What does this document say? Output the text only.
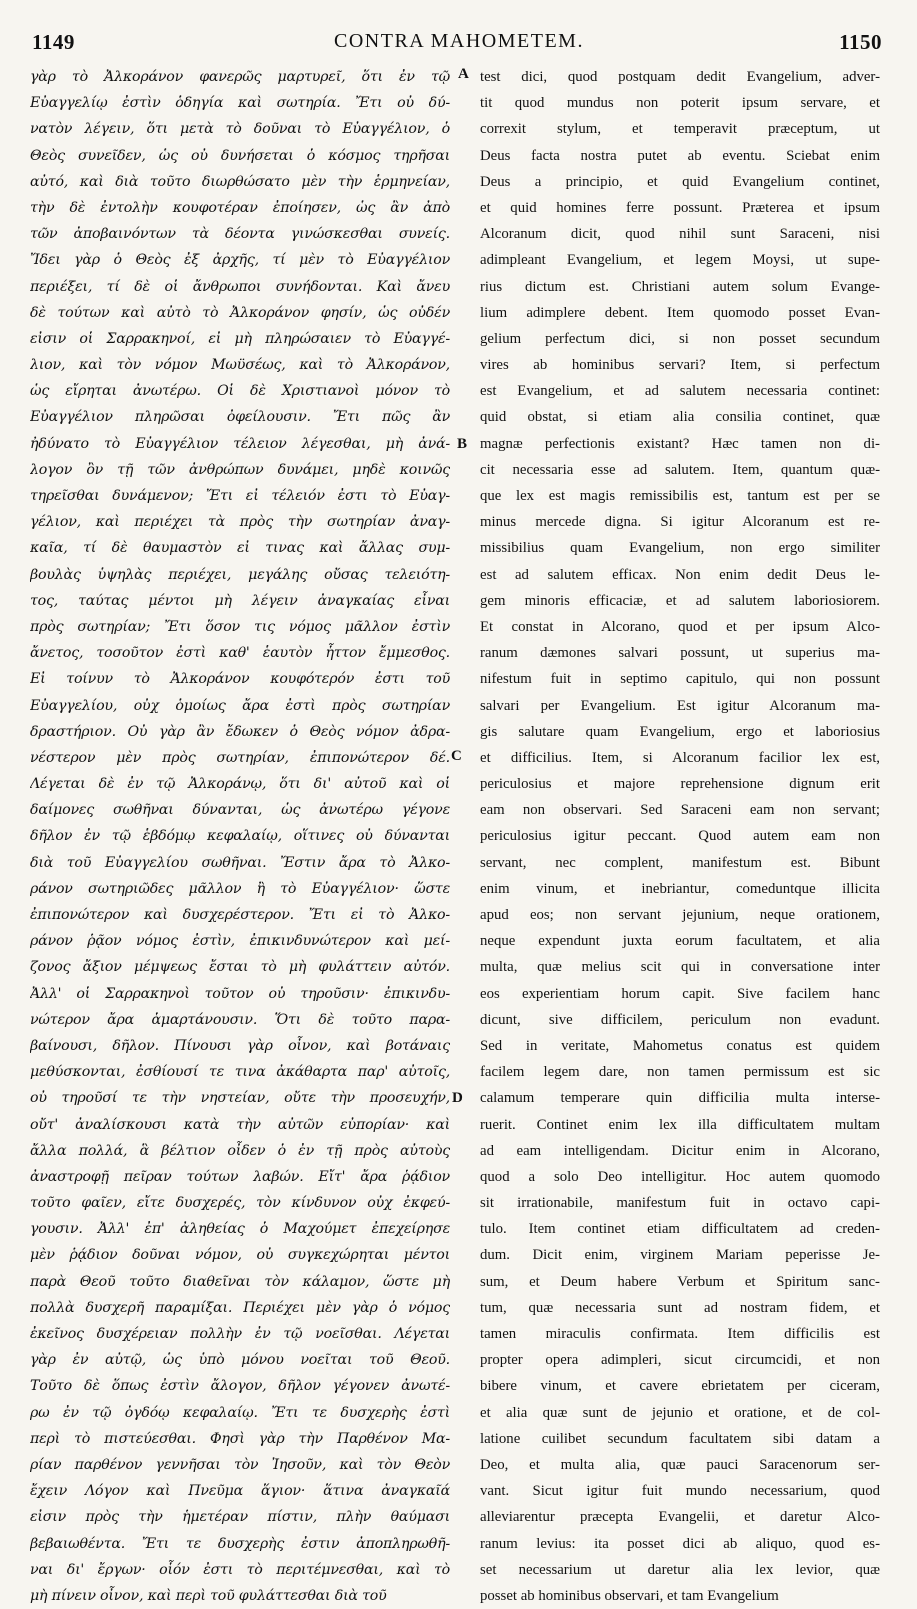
1149	CONTRA MAHOMETEM.	1150
γὰρ τὸ Ἀλκοράνον φανερῶς μαρτυρεῖ, ὅτι ἐν τῷ
Εὐαγγελίῳ ἐστὶν ὁδηγία καὶ σωτηρία. Ἔτι οὐ δύ-
νατὸν λέγειν, ὅτι μετὰ τὸ δοῦναι τὸ Εὐαγγέλιον, ὁ
Θεὸς συνεῖδεν, ὡς οὐ δυνήσεται ὁ κόσμος τηρῆσαι
αὐτό, καὶ διὰ τοῦτο διωρθώσατο μὲν τὴν ἑρμηνείαν,
τὴν δὲ ἐντολὴν κουφοτέραν ἐποίησεν, ὡς ἂν ἀπὸ
τῶν ἀποβαινόντων τὰ δέοντα γινώσκεσθαι συνείς.
Ἴδει γὰρ ὁ Θεὸς ἐξ ἀρχῆς, τί μὲν τὸ Εὐαγγέλιον
περιέξει, τί δὲ οἱ ἄνθρωποι συνήδονται. Καὶ ἄνευ
δὲ τούτων καὶ αὐτὸ τὸ Ἀλκοράνον φησίν, ὡς οὐδέν
εἰσιν οἱ Σαρρακηνοί, εἰ μὴ πληρώσαιεν τὸ Εὐαγγέ-
λιον, καὶ τὸν νόμον Μωϋσέως, καὶ τὸ Ἀλκοράνον,
ὡς εἴρηται ἀνωτέρω. Οἱ δὲ Χριστιανοὶ μόνον τὸ
Εὐαγγέλιον πληρῶσαι ὀφείλουσιν. Ἔτι πῶς ἂν
ἠδύνατο τὸ Εὐαγγέλιον τέλειον λέγεσθαι, μὴ ἀνά-
λογον ὂν τῇ τῶν ἀνθρώπων δυνάμει, μηδὲ κοινῶς
τηρεῖσθαι δυνάμενον; Ἔτι εἰ τέλειόν ἐστι τὸ Εὐαγ-
γέλιον, καὶ περιέχει τὰ πρὸς τὴν σωτηρίαν ἀναγ-
καῖα, τί δὲ θαυμαστὸν εἰ τινας καὶ ἄλλας συμ-
βουλὰς ὑψηλὰς περιέχει, μεγάλης οὔσας τελειότη-
τος, ταύτας μέντοι μὴ λέγειν ἀναγκαίας εἶναι
πρὸς σωτηρίαν; Ἔτι ὅσον τις νόμος μᾶλλον ἐστὶν
ἄνετος, τοσοῦτον ἐστὶ καθ' ἑαυτὸν ἧττον ἔμμεσθος.
Εἰ τοίνυν τὸ Ἀλκοράνον κουφότερόν ἐστι τοῦ
Εὐαγγελίου, οὐχ ὁμοίως ἄρα ἐστὶ πρὸς σωτηρίαν
δραστήριον. Οὐ γὰρ ἂν ἔδωκεν ὁ Θεὸς νόμον ἀδρα-
νέστερον μὲν πρὸς σωτηρίαν, ἐπιπονώτερον δέ.
Λέγεται δὲ ἐν τῷ Ἀλκοράνῳ, ὅτι δι' αὐτοῦ καὶ οἱ
δαίμονες σωθῆναι δύνανται, ὡς ἀνωτέρω γέγονε
δῆλον ἐν τῷ ἑβδόμῳ κεφαλαίῳ, οἵτινες οὐ δύνανται
διὰ τοῦ Εὐαγγελίου σωθῆναι. Ἔστιν ἄρα τὸ Ἀλκο-
ράνον σωτηριῶδες μᾶλλον ἢ τὸ Εὐαγγέλιον· ὥστε
ἐπιπονώτερον καὶ δυσχερέστερον. Ἔτι εἰ τὸ Ἀλκο-
ράνον ῥᾷον νόμος ἐστὶν, ἐπικινδυνώτερον καὶ μεί-
ζονος ἄξιον μέμψεως ἔσται τὸ μὴ φυλάττειν αὐτόν.
Ἀλλ' οἱ Σαρρακηνοὶ τοῦτον οὐ τηροῦσιν· ἐπικινδυ-
νώτερον ἄρα ἁμαρτάνουσιν. Ὅτι δὲ τοῦτο παρα-
βαίνουσι, δῆλον. Πίνουσι γὰρ οἶνον, καὶ βοτάναις
μεθύσκονται, ἐσθίουσί τε τινα ἀκάθαρτα παρ' αὐτοῖς,
οὐ τηροῦσί τε τὴν νηστείαν, οὔτε τὴν προσευχήν,
οὔτ' ἀναλίσκουσι κατὰ τὴν αὐτῶν εὐπορίαν· καὶ
ἄλλα πολλά, ἃ βέλτιον οἶδεν ὁ ἐν τῇ πρὸς αὐτοὺς
ἀναστροφῇ πεῖραν τούτων λαβών. Εἴτ' ἄρα ῥᾴδιον
τοῦτο φαῖεν, εἴτε δυσχερές, τὸν κίνδυνον οὐχ ἐκφεύ-
γουσιν. Ἀλλ' ἐπ' ἀληθείας ὁ Μαχούμετ ἐπεχείρησε
μὲν ῥᾴδιον δοῦναι νόμον, οὐ συγκεχώρηται μέντοι
παρὰ Θεοῦ τοῦτο διαθεῖναι τὸν κάλαμον, ὥστε μὴ
πολλὰ δυσχερῆ παραμίξαι. Περιέχει μὲν γὰρ ὁ νόμος
ἐκεῖνος δυσχέρειαν πολλὴν ἐν τῷ νοεῖσθαι. Λέγεται
γὰρ ἐν αὐτῷ, ὡς ὑπὸ μόνου νοεῖται τοῦ Θεοῦ.
Τοῦτο δὲ ὅπως ἐστὶν ἄλογον, δῆλον γέγονεν ἀνωτέ-
ρω ἐν τῷ ὀγδόῳ κεφαλαίῳ. Ἔτι τε δυσχερὴς ἐστὶ
περὶ τὸ πιστεύεσθαι. Φησὶ γὰρ τὴν Παρθένον Μα-
ρίαν παρθένον γεννῆσαι τὸν Ἰησοῦν, καὶ τὸν Θεὸν
ἔχειν Λόγον καὶ Πνεῦμα ἅγιον· ἅτινα ἀναγκαῖά
εἰσιν πρὸς τὴν ἡμετέραν πίστιν, πλὴν θαύμασι
βεβαιωθέντα. Ἔτι τε δυσχερὴς ἐστιν ἀποπληρωθῆ-
ναι δι' ἔργων· οἷόν ἐστι τὸ περιτέμνεσθαι, καὶ τὸ
μὴ πίνειν οἶνον, καὶ περὶ τοῦ φυλάττεσθαι διὰ τοῦ
test dici, quod postquam dedit Evangelium, adver-
tit quod mundus non poterit ipsum servare, et
correxit stylum, et temperavit præceptum, ut
Deus facta nostra putet ab eventu. Sciebat enim
Deus a principio, et quid Evangelium continet,
et quid homines ferre possunt. Præterea et ipsum
Alcoranum dicit, quod nihil sunt Saraceni, nisi
adimpleant Evangelium, et legem Moysi, ut supe-
rius dictum est. Christiani autem solum Evange-
lium adimplere debent. Item quomodo posset Evan-
gelium perfectum dici, si non posset secundum
vires ab hominibus servari? Item, si perfectum
est Evangelium, et ad salutem necessaria continet:
quid obstat, si etiam alia consilia continet, quæ
magnæ perfectionis existant? Hæc tamen non di-
cit necessaria esse ad salutem. Item, quantum quæ-
que lex est magis remissibilis est, tantum est per se
minus mercede digna. Si igitur Alcoranum est re-
missibilius quam Evangelium, non ergo similiter
est ad salutem efficax. Non enim dedit Deus le-
gem minoris efficaciæ, et ad salutem laboriosiorem.
Et constat in Alcorano, quod et per ipsum Alco-
ranum dæmones salvari possunt, ut superius ma-
nifestum fuit in septimo capitulo, qui non possunt
salvari per Evangelium. Est igitur Alcoranum ma-
gis salutare quam Evangelium, ergo et laboriosius
et difficilius. Item, si Alcoranum facilior lex est,
periculosius et majore reprehensione dignum erit
eam non observari. Sed Saraceni eam non servant;
periculosius igitur peccant. Quod autem eam non
servant, nec complent, manifestum est. Bibunt
enim vinum, et inebriantur, comeduntque illicita
apud eos; non servant jejunium, neque orationem,
neque expendunt juxta eorum facultatem, et alia
multa, quæ melius scit qui in conversatione inter
eos experientiam horum capit. Sive facilem hanc
dicunt, sive difficilem, periculum non evadunt.
Sed in veritate, Mahometus conatus est quidem
facilem legem dare, non tamen permissum est sic
calamum temperare quin difficilia multa interse-
ruerit. Continet enim lex illa difficultatem multam
ad eam intelligendam. Dicitur enim in Alcorano,
quod a solo Deo intelligitur. Hoc autem quomodo
sit irrationabile, manifestum fuit in octavo capi-
tulo. Item continet etiam difficultatem ad creden-
dum. Dicit enim, virginem Mariam peperisse Je-
sum, et Deum habere Verbum et Spiritum sanc-
tum, quæ necessaria sunt ad nostram fidem, et
tamen miraculis confirmata. Item difficilis est
propter opera adimpleri, sicut circumcidi, et non
bibere vinum, et cavere ebrietatem per ciceram,
et alia quæ sunt de jejunio et oratione, et de col-
latione cuilibet secundum facultatem sibi datam a
Deo, et multa alia, quæ pauci Saracenorum ser-
vant. Sicut igitur fuit mundo necessarium, quod
alleviarentur præcepta Evangelii, et daretur Alco-
ranum levius: ita posset dici ab aliquo, quod es-
set necessarium ut daretur alia lex levior, quæ
posset ab hominibus observari, et tam Evangelium
A
B
C
D
